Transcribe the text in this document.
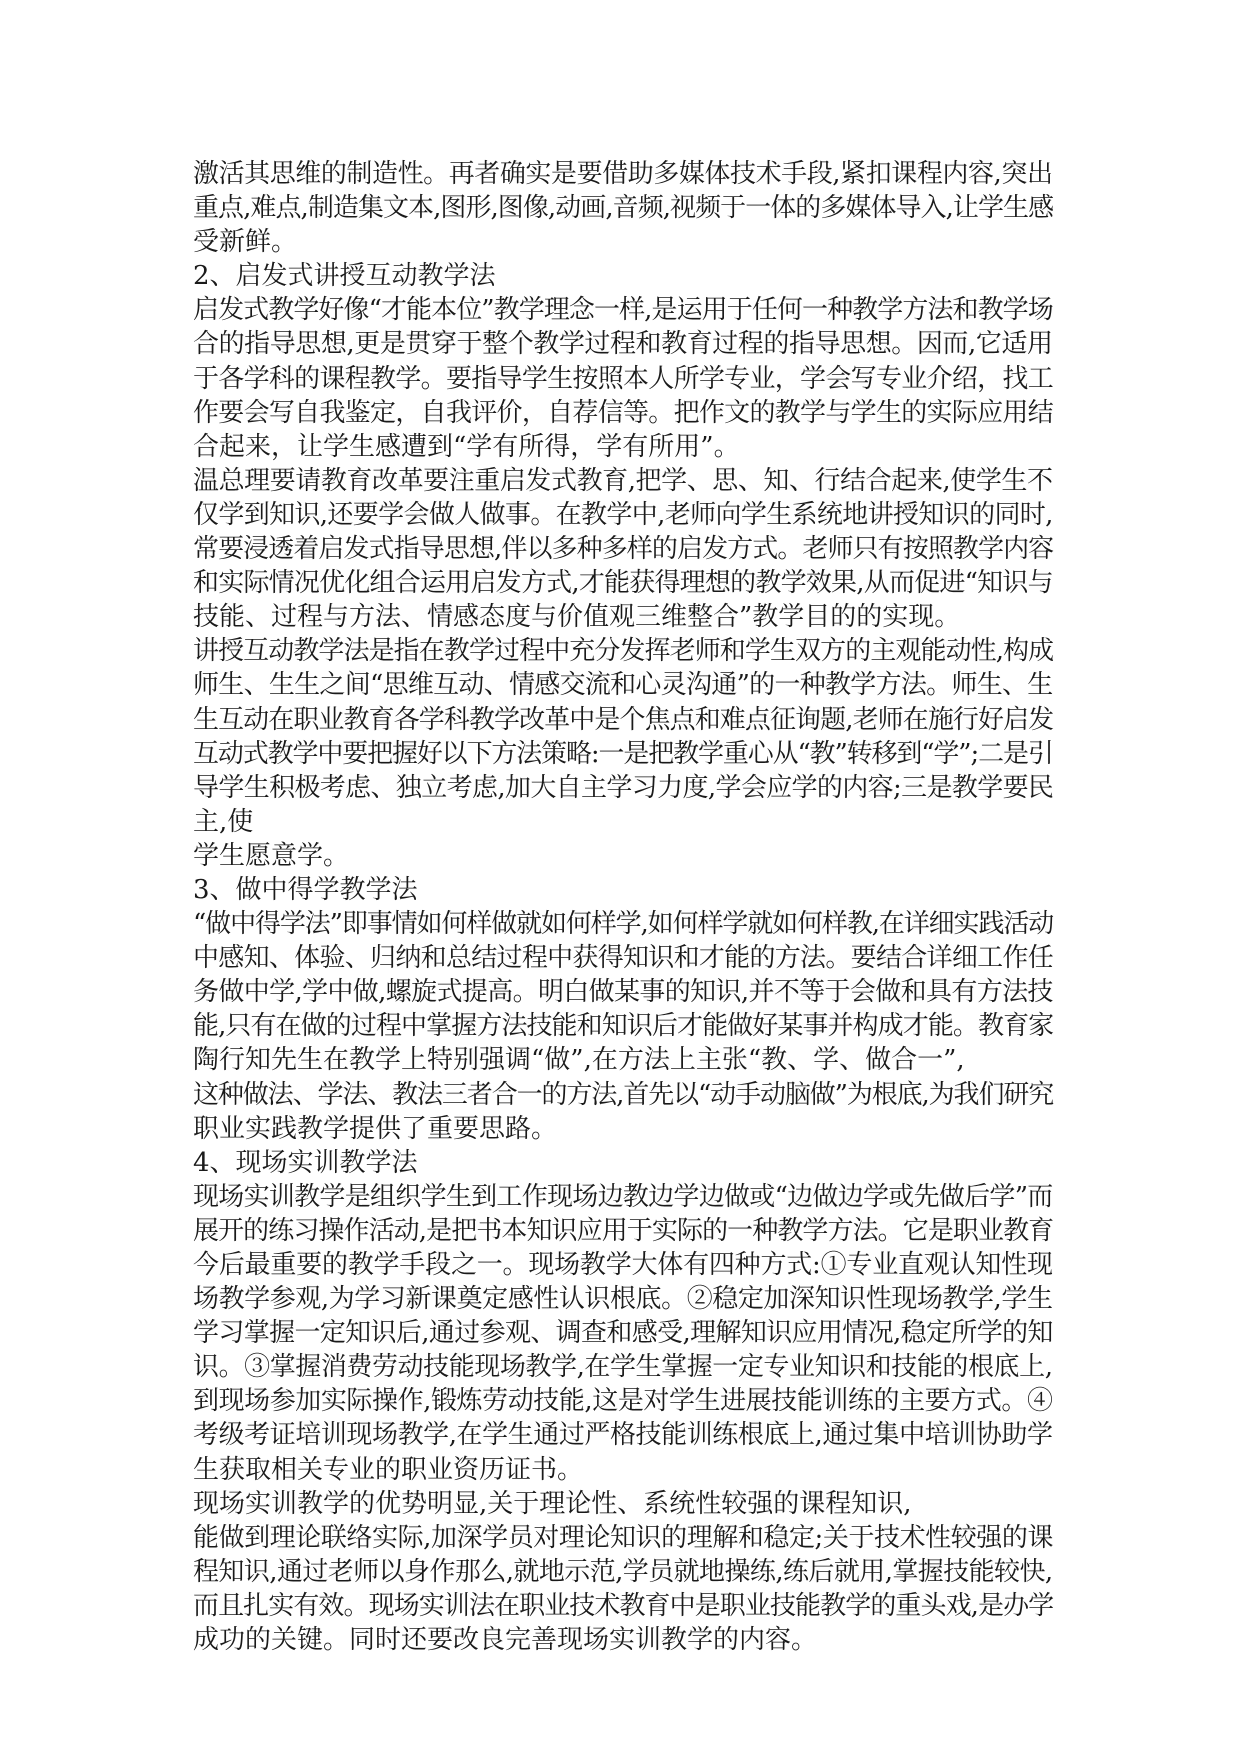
激活其思维的制造性。再者确实是要借助多媒体技术手段,紧扣课程内容,突出
重点,难点,制造集文本,图形,图像,动画,音频,视频于一体的多媒体导入,让学生感
受新鲜。
2、启发式讲授互动教学法
启发式教学好像“才能本位”教学理念一样,是运用于任何一种教学方法和教学场
合的指导思想,更是贯穿于整个教学过程和教育过程的指导思想。因而,它适用
于各学科的课程教学。要指导学生按照本人所学专业，学会写专业介绍，找工
作要会写自我鉴定，自我评价，自荐信等。把作文的教学与学生的实际应用结
合起来，让学生感遭到“学有所得，学有所用”。
温总理要请教育改革要注重启发式教育,把学、思、知、行结合起来,使学生不
仅学到知识,还要学会做人做事。在教学中,老师向学生系统地讲授知识的同时,
常要浸透着启发式指导思想,伴以多种多样的启发方式。老师只有按照教学内容
和实际情况优化组合运用启发方式,才能获得理想的教学效果,从而促进“知识与
技能、过程与方法、情感态度与价值观三维整合”教学目的的实现。
讲授互动教学法是指在教学过程中充分发挥老师和学生双方的主观能动性,构成
师生、生生之间“思维互动、情感交流和心灵沟通”的一种教学方法。师生、生
生互动在职业教育各学科教学改革中是个焦点和难点征询题,老师在施行好启发
互动式教学中要把握好以下方法策略:一是把教学重心从“教”转移到“学”;二是引
导学生积极考虑、独立考虑,加大自主学习力度,学会应学的内容;三是教学要民
主,使
学生愿意学。
3、做中得学教学法
“做中得学法”即事情如何样做就如何样学,如何样学就如何样教,在详细实践活动
中感知、体验、归纳和总结过程中获得知识和才能的方法。要结合详细工作任
务做中学,学中做,螺旋式提高。明白做某事的知识,并不等于会做和具有方法技
能,只有在做的过程中掌握方法技能和知识后才能做好某事并构成才能。教育家
陶行知先生在教学上特别强调“做”,在方法上主张“教、学、做合一”,
这种做法、学法、教法三者合一的方法,首先以“动手动脑做”为根底,为我们研究
职业实践教学提供了重要思路。
4、现场实训教学法
现场实训教学是组织学生到工作现场边教边学边做或“边做边学或先做后学”而
展开的练习操作活动,是把书本知识应用于实际的一种教学方法。它是职业教育
今后最重要的教学手段之一。现场教学大体有四种方式:①专业直观认知性现
场教学参观,为学习新课奠定感性认识根底。②稳定加深知识性现场教学,学生
学习掌握一定知识后,通过参观、调查和感受,理解知识应用情况,稳定所学的知
识。③掌握消费劳动技能现场教学,在学生掌握一定专业知识和技能的根底上,
到现场参加实际操作,锻炼劳动技能,这是对学生进展技能训练的主要方式。④
考级考证培训现场教学,在学生通过严格技能训练根底上,通过集中培训协助学
生获取相关专业的职业资历证书。
现场实训教学的优势明显,关于理论性、系统性较强的课程知识,
能做到理论联络实际,加深学员对理论知识的理解和稳定;关于技术性较强的课
程知识,通过老师以身作那么,就地示范,学员就地操练,练后就用,掌握技能较快,
而且扎实有效。现场实训法在职业技术教育中是职业技能教学的重头戏,是办学
成功的关键。同时还要改良完善现场实训教学的内容。
